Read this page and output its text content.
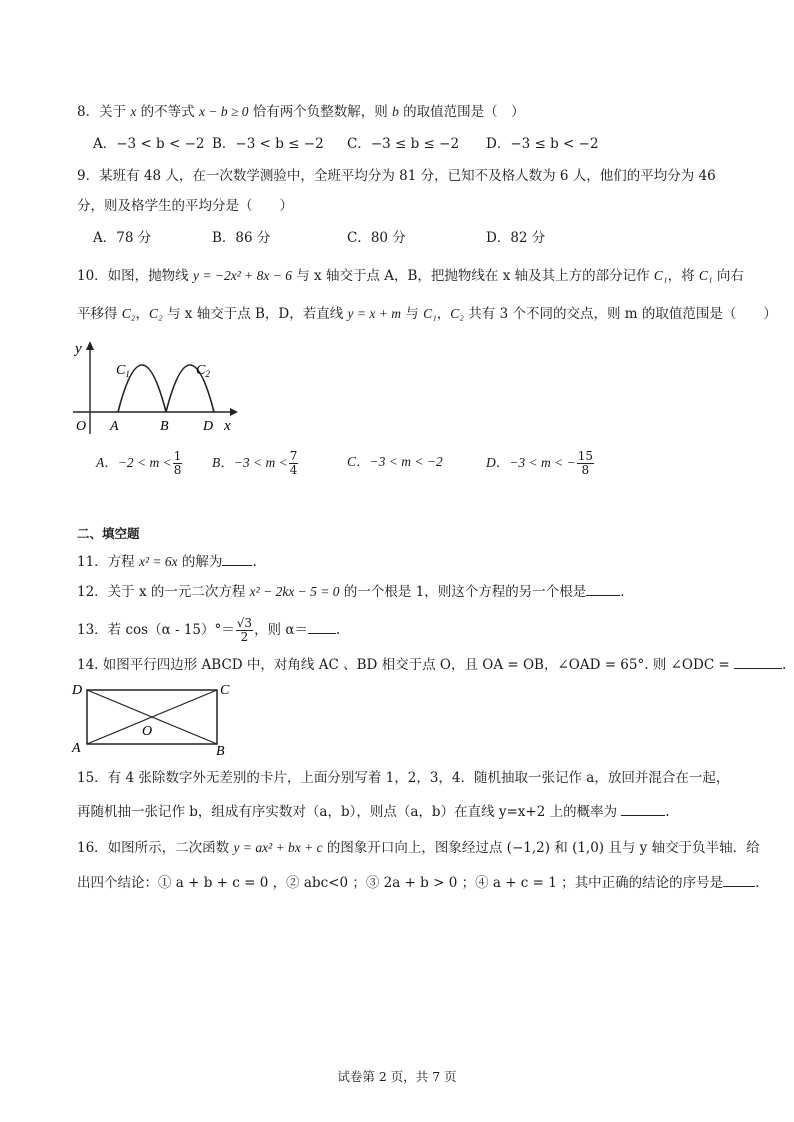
8．关于 x 的不等式 x − b ≥ 0 恰有两个负整数解，则 b 的取值范围是（　）
A．−3 < b < −2 B．−3 < b ≤ −2 C．−3 ≤ b ≤ −2 D．−3 ≤ b < −2
9．某班有 48 人，在一次数学测验中，全班平均分为 81 分，已知不及格人数为 6 人，他们的平均分为 46
分，则及格学生的平均分是（　　）
A．78 分	B．86 分	C．80 分	D．82 分
10．如图，抛物线 y = −2x² + 8x − 6 与 x 轴交于点 A，B，把抛物线在 x 轴及其上方的部分记作 C₁，将 C₁ 向右
平移得 C₂，C₂ 与 x 轴交于点 B，D，若直线 y = x + m 与 C₁，C₂ 共有 3 个不同的交点，则 m 的取值范围是（　　）
y
x
O A	B D
$C_1$	$C_2$
A．$-2 < m < \frac{1}{8}$ B．$-3 < m < \frac{7}{4}$	C．−3 < m < −2	D．−3 < m < − $\frac{15}{8}$
二、填空题
11．方程 x² = 6x 的解为 .
12．关于 x 的一元二次方程 x² − 2kx − 5 = 0 的一个根是 1，则这个方程的另一个根是	.
13．若 $\cos(\alpha - 15)^\circ= \frac{√3}{2}$ ，则 α＝ .
14. 如图平行四边形 ABCD 中，对角线 AC 、BD 相交于点 O，且 OA = OB，∠OAD = 65°. 则 ∠ODC =	.
D	C
O
A	B
15．有 4 张除数字外无差别的卡片，上面分别写着 1，2，3，4．随机抽取一张记作 a，放回并混合在一起，
再随机抽一张记作 b，组成有序实数对（a，b），则点（a，b）在直线 y=x+2 上的概率为	.
16．如图所示，二次函数 y = ax² + bx + c 的图象开口向上，图象经过点 (−1,2) 和 (1,0) 且与 y 轴交于负半轴．给
出四个结论：① a + b + c = 0 ，② abc<0 ；③ 2a + b > 0 ；④ a + c = 1 ；其中正确的结论的序号是 .
试卷第 2 页，共 7 页
